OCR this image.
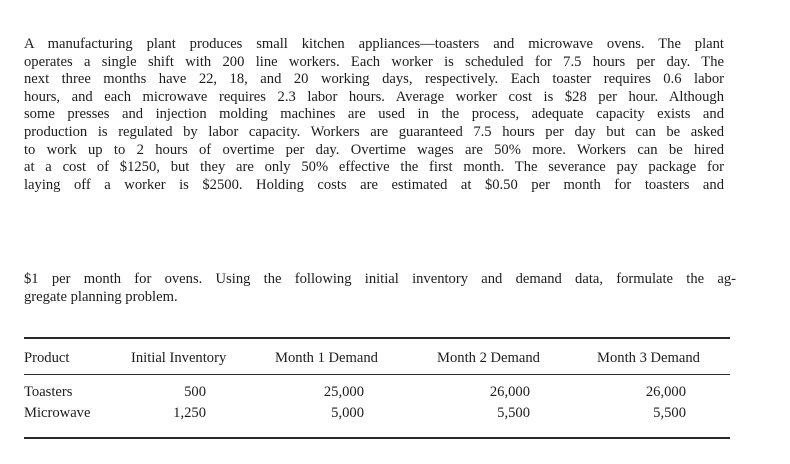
A manufacturing plant produces small kitchen appliances—toasters and microwave ovens. The plant
operates a single shift with 200 line workers. Each worker is scheduled for 7.5 hours per day. The
next three months have 22, 18, and 20 working days, respectively. Each toaster requires 0.6 labor
hours, and each microwave requires 2.3 labor hours. Average worker cost is $28 per hour. Although
some presses and injection molding machines are used in the process, adequate capacity exists and
production is regulated by labor capacity. Workers are guaranteed 7.5 hours per day but can be asked
to work up to 2 hours of overtime per day. Overtime wages are 50% more. Workers can be hired
at a cost of $1250, but they are only 50% effective the first month. The severance pay package for
laying off a worker is $2500. Holding costs are estimated at $0.50 per month for toasters and
$1 per month for ovens. Using the following initial inventory and demand data, formulate the ag-
gregate planning problem.
Product	Initial Inventory	Month 1 Demand	Month 2 Demand	Month 3 Demand
Toasters	500	25,000	26,000	26,000
Microwave	1,250	5,000	5,500	5,500
